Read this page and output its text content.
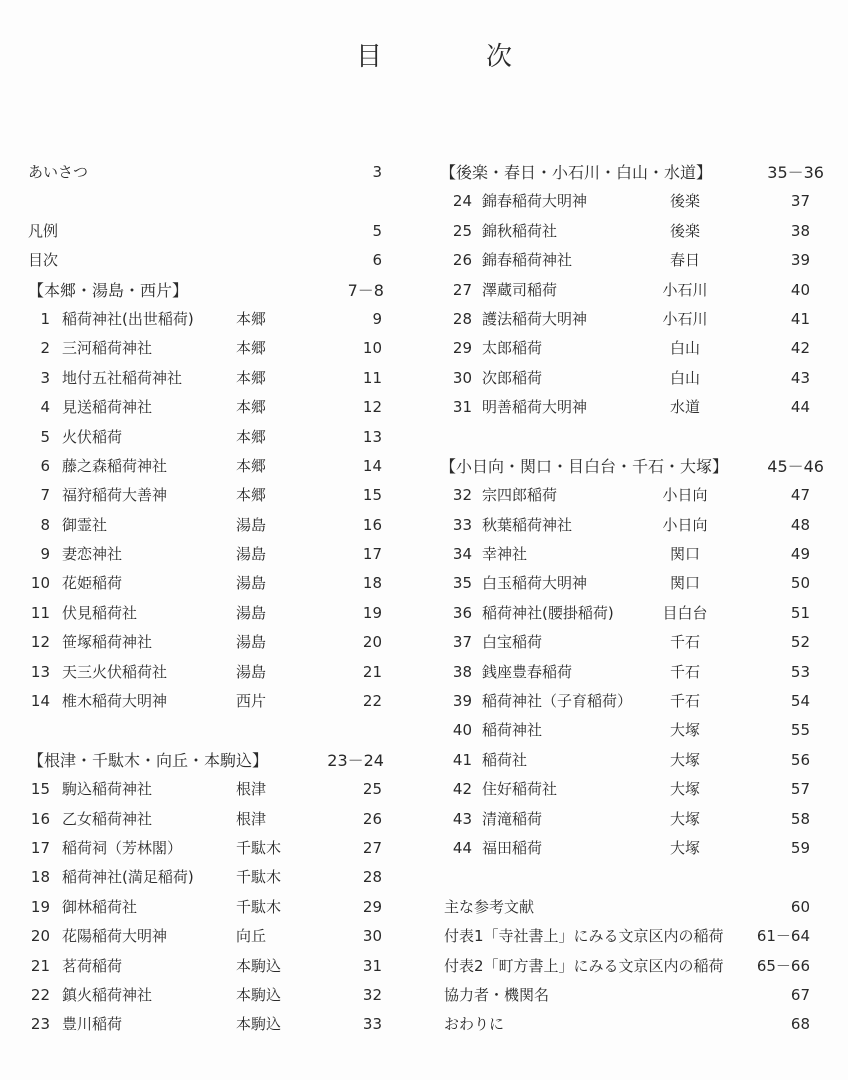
目	次
あいさつ	3
凡例	5
目次	6
【本郷・湯島・西片】	7－8
1 稲荷神社(出世稲荷)	本郷	9
2 三河稲荷神社	本郷	10
3 地付五社稲荷神社	本郷	11
4 見送稲荷神社	本郷	12
5 火伏稲荷	本郷	13
6 藤之森稲荷神社	本郷	14
7 福狩稲荷大善神	本郷	15
8 御霊社	湯島	16
9 妻恋神社	湯島	17
10 花姫稲荷	湯島	18
11 伏見稲荷社	湯島	19
12 笹塚稲荷神社	湯島	20
13 天三火伏稲荷社	湯島	21
14 椎木稲荷大明神	西片	22
【根津・千駄木・向丘・本駒込】	23－24
15 駒込稲荷神社	根津	25
16 乙女稲荷神社	根津	26
17 稲荷祠（芳林閣）	千駄木	27
18 稲荷神社(満足稲荷)	千駄木	28
19 御林稲荷社	千駄木	29
20 花陽稲荷大明神	向丘	30
21 茗荷稲荷	本駒込	31
22 鎮火稲荷神社	本駒込	32
23 豊川稲荷	本駒込	33
【後楽・春日・小石川・白山・水道】	35－36
24 錦春稲荷大明神	後楽	37
25 錦秋稲荷社	後楽	38
26 錦春稲荷神社	春日	39
27 澤蔵司稲荷	小石川	40
28 護法稲荷大明神	小石川	41
29 太郎稲荷	白山	42
30 次郎稲荷	白山	43
31 明善稲荷大明神	水道	44
【小日向・関口・目白台・千石・大塚】 45－46
32 宗四郎稲荷	小日向	47
33 秋葉稲荷神社	小日向	48
34 幸神社	関口	49
35 白玉稲荷大明神	関口	50
36 稲荷神社(腰掛稲荷)	目白台	51
37 白宝稲荷	千石	52
38 銭座豊春稲荷	千石	53
39 稲荷神社（子育稲荷）	千石	54
40 稲荷神社	大塚	55
41 稲荷社	大塚	56
42 住好稲荷社	大塚	57
43 清滝稲荷	大塚	58
44 福田稲荷	大塚	59
主な参考文献	60
付表1「寺社書上」にみる文京区内の稲荷 61－64
付表2「町方書上」にみる文京区内の稲荷 65－66
協力者・機関名	67
おわりに	68
